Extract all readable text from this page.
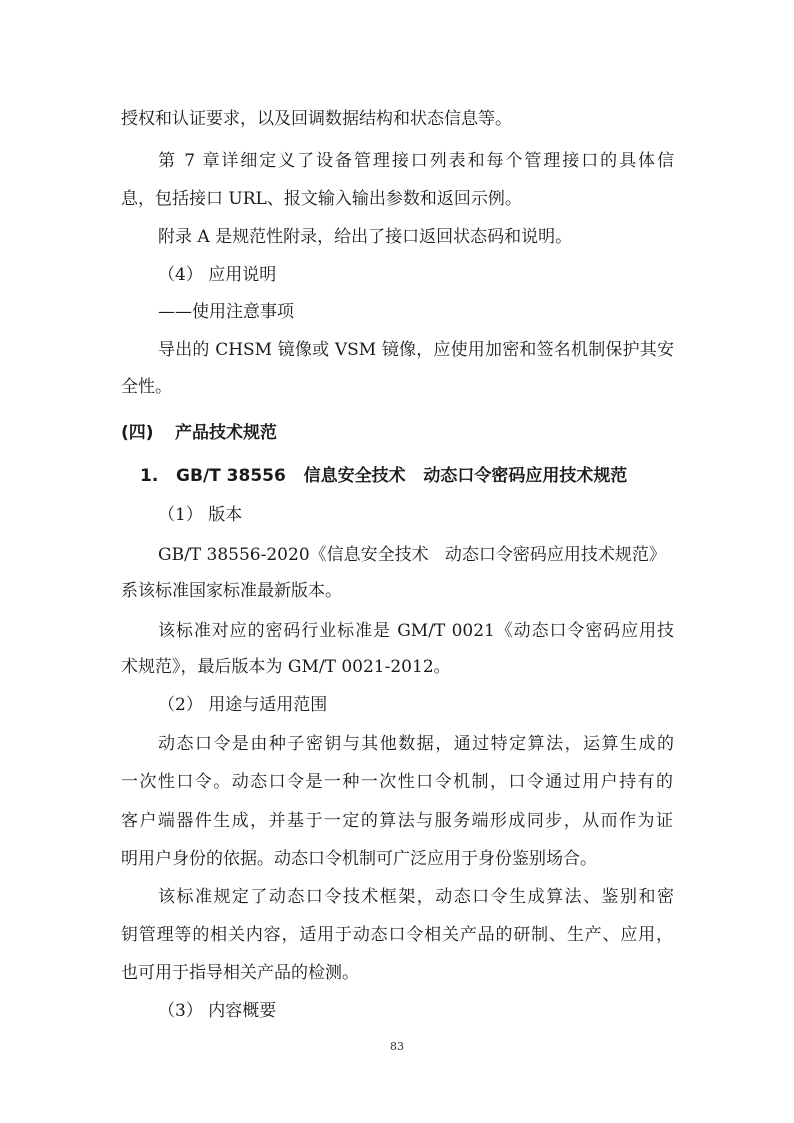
授权和认证要求，以及回调数据结构和状态信息等。
第 7 章详细定义了设备管理接口列表和每个管理接口的具体信
息，包括接口 URL、报文输入输出参数和返回示例。
附录 A 是规范性附录，给出了接口返回状态码和说明。
（4） 应用说明
——使用注意事项
导出的 CHSM 镜像或 VSM 镜像，应使用加密和签名机制保护其安
全性。
(四) 产品技术规范
1.   GB/T 38556   信息安全技术   动态口令密码应用技术规范
（1） 版本
GB/T 38556-2020《信息安全技术   动态口令密码应用技术规范》
系该标准国家标准最新版本。
该标准对应的密码行业标准是 GM/T 0021《动态口令密码应用技
术规范》，最后版本为 GM/T 0021-2012。
（2） 用途与适用范围
动态口令是由种子密钥与其他数据，通过特定算法，运算生成的
一次性口令。动态口令是一种一次性口令机制，口令通过用户持有的
客户端器件生成，并基于一定的算法与服务端形成同步，从而作为证
明用户身份的依据。动态口令机制可广泛应用于身份鉴别场合。
该标准规定了动态口令技术框架，动态口令生成算法、鉴别和密
钥管理等的相关内容，适用于动态口令相关产品的研制、生产、应用，
也可用于指导相关产品的检测。
（3） 内容概要
83
